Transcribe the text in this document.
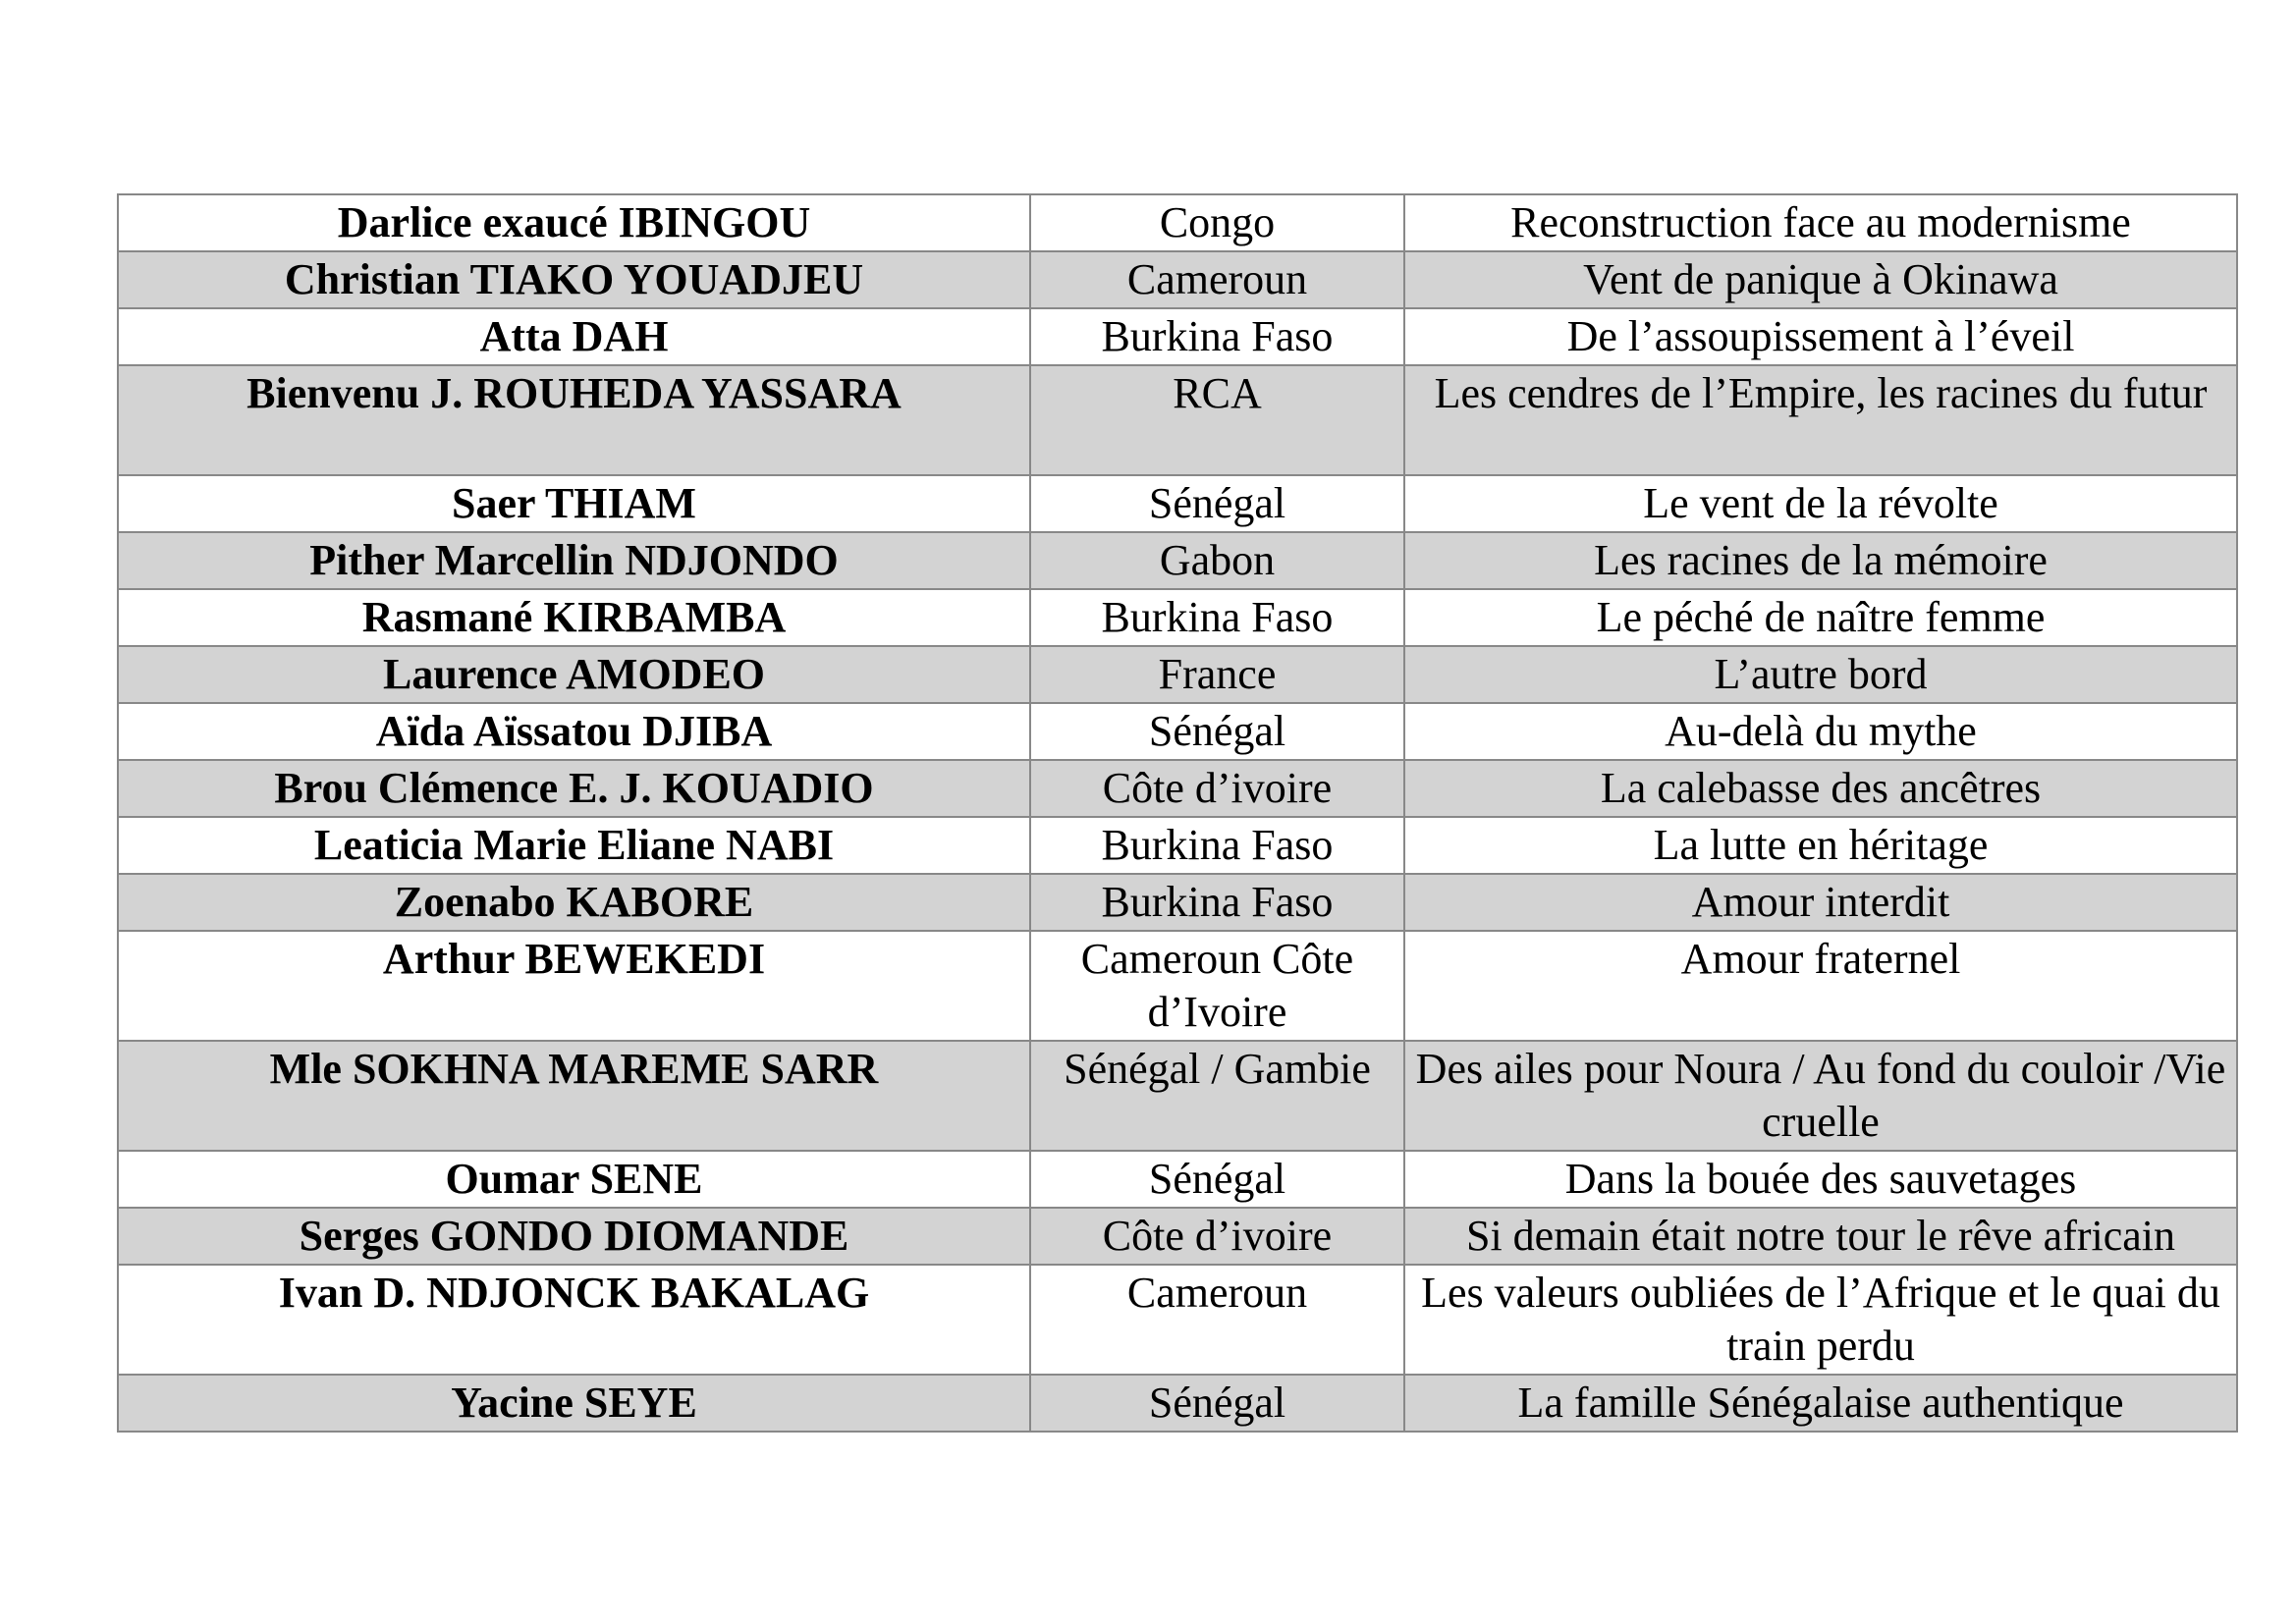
Darlice exaucé IBINGOU	Congo	Reconstruction face au modernisme
Christian TIAKO YOUADJEU	Cameroun	Vent de panique à Okinawa
Atta DAH	Burkina Faso	De l’assoupissement à l’éveil
Bienvenu J. ROUHEDA YASSARA	RCA	Les cendres de l’Empire, les racines du futur
Saer THIAM	Sénégal	Le vent de la révolte
Pither Marcellin NDJONDO	Gabon	Les racines de la mémoire
Rasmané KIRBAMBA	Burkina Faso	Le péché de naître femme
Laurence AMODEO	France	L’autre bord
Aïda Aïssatou DJIBA	Sénégal	Au-delà du mythe
Brou Clémence E. J. KOUADIO	Côte d’ivoire	La calebasse des ancêtres
Leaticia Marie Eliane NABI	Burkina Faso	La lutte en héritage
Zoenabo KABORE	Burkina Faso	Amour interdit
Arthur BEWEKEDI	Cameroun Côte d’Ivoire	Amour fraternel
Mle SOKHNA MAREME SARR	Sénégal / Gambie	Des ailes pour Noura / Au fond du couloir /Vie cruelle
Oumar SENE	Sénégal	Dans la bouée des sauvetages
Serges GONDO DIOMANDE	Côte d’ivoire	Si demain était notre tour le rêve africain
Ivan D. NDJONCK BAKALAG	Cameroun	Les valeurs oubliées de l’Afrique et le quai du train perdu
Yacine SEYE	Sénégal	La famille Sénégalaise authentique
